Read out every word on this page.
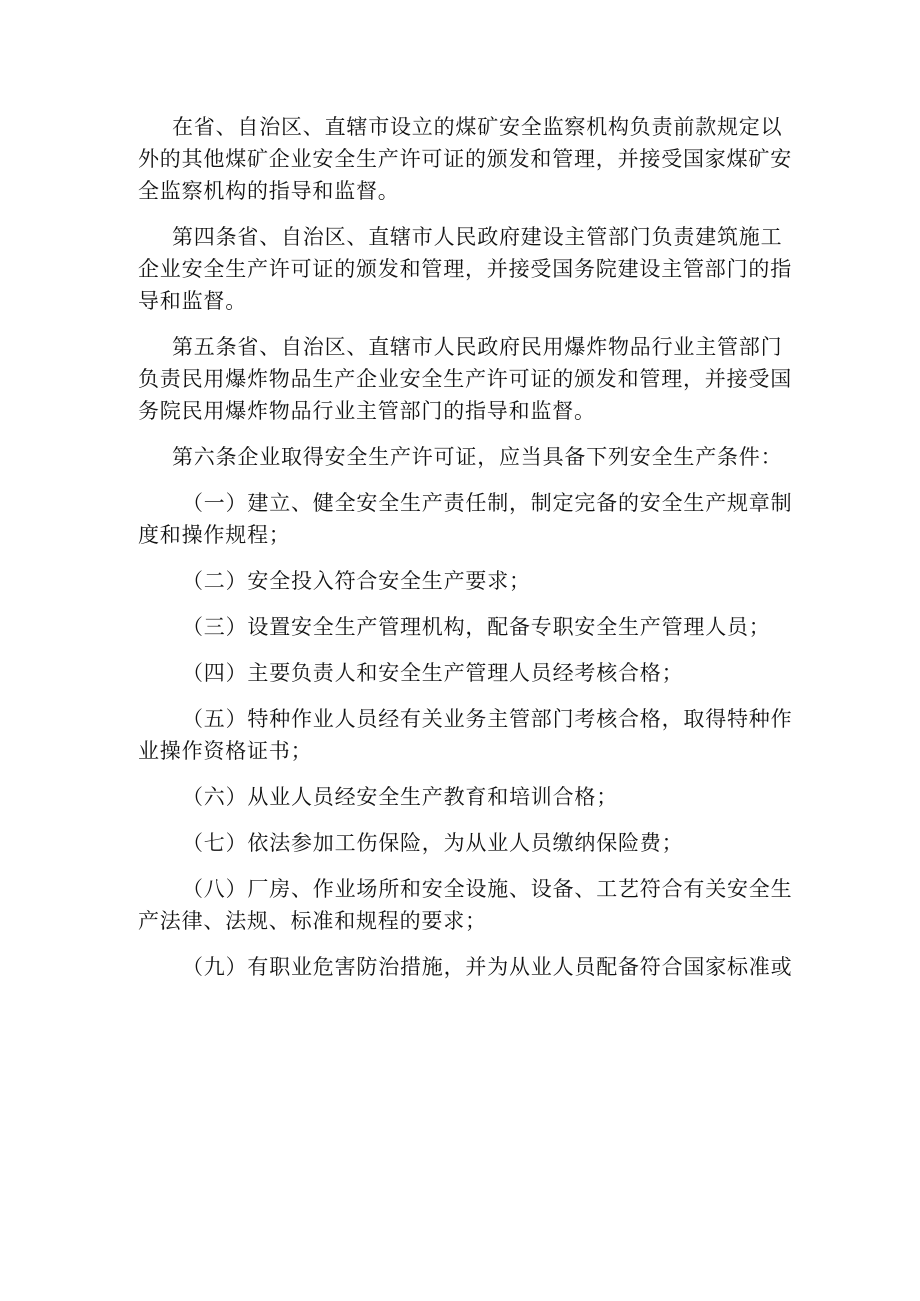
在省、自治区、直辖市设立的煤矿安全监察机构负责前款规定以
外的其他煤矿企业安全生产许可证的颁发和管理，并接受国家煤矿安
全监察机构的指导和监督。
第四条省、自治区、直辖市人民政府建设主管部门负责建筑施工
企业安全生产许可证的颁发和管理，并接受国务院建设主管部门的指
导和监督。
第五条省、自治区、直辖市人民政府民用爆炸物品行业主管部门
负责民用爆炸物品生产企业安全生产许可证的颁发和管理，并接受国
务院民用爆炸物品行业主管部门的指导和监督。
第六条企业取得安全生产许可证，应当具备下列安全生产条件：
（一）建立、健全安全生产责任制，制定完备的安全生产规章制
度和操作规程；
（二）安全投入符合安全生产要求；
（三）设置安全生产管理机构，配备专职安全生产管理人员；
（四）主要负责人和安全生产管理人员经考核合格；
（五）特种作业人员经有关业务主管部门考核合格，取得特种作
业操作资格证书；
（六）从业人员经安全生产教育和培训合格；
（七）依法参加工伤保险，为从业人员缴纳保险费；
（八）厂房、作业场所和安全设施、设备、工艺符合有关安全生
产法律、法规、标准和规程的要求；
（九）有职业危害防治措施，并为从业人员配备符合国家标准或
